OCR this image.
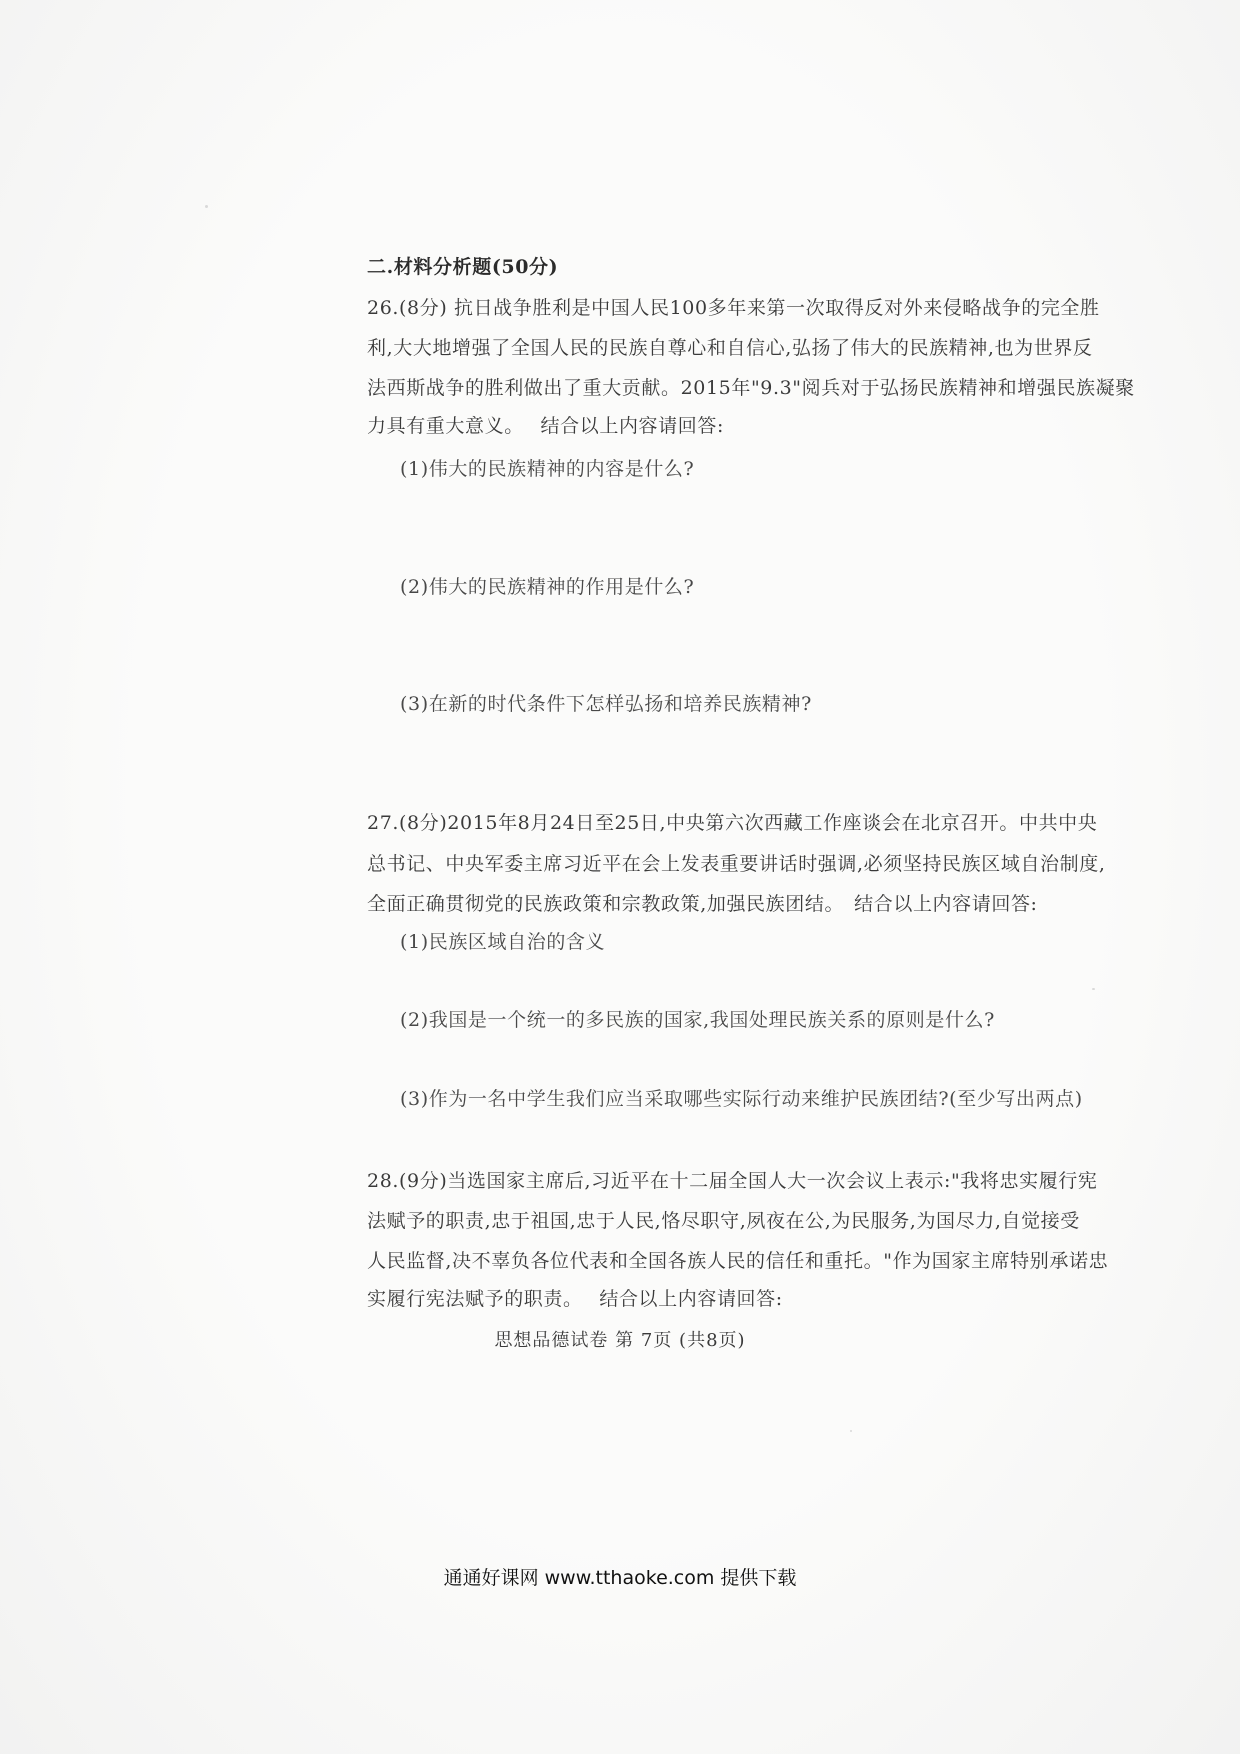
二.材料分析题(50分)
26.(8分) 抗日战争胜利是中国人民100多年来第一次取得反对外来侵略战争的完全胜
利,大大地增强了全国人民的民族自尊心和自信心,弘扬了伟大的民族精神,也为世界反
法西斯战争的胜利做出了重大贡献。2015年"9.3"阅兵对于弘扬民族精神和增强民族凝聚
力具有重大意义。　 结合以上内容请回答:
(1)伟大的民族精神的内容是什么?
(2)伟大的民族精神的作用是什么?
(3)在新的时代条件下怎样弘扬和培养民族精神?
27.(8分)2015年8月24日至25日,中央第六次西藏工作座谈会在北京召开。中共中央
总书记、中央军委主席习近平在会上发表重要讲话时强调,必须坚持民族区域自治制度,
全面正确贯彻党的民族政策和宗教政策,加强民族团结。　结合以上内容请回答:
(1)民族区域自治的含义
(2)我国是一个统一的多民族的国家,我国处理民族关系的原则是什么?
(3)作为一名中学生我们应当采取哪些实际行动来维护民族团结?(至少写出两点)
28.(9分)当选国家主席后,习近平在十二届全国人大一次会议上表示:"我将忠实履行宪
法赋予的职责,忠于祖国,忠于人民,恪尽职守,夙夜在公,为民服务,为国尽力,自觉接受
人民监督,决不辜负各位代表和全国各族人民的信任和重托。"作为国家主席特别承诺忠
实履行宪法赋予的职责。　 结合以上内容请回答:
思想品德试卷 第 7页 (共8页)
通通好课网 www.tthaoke.com 提供下载
